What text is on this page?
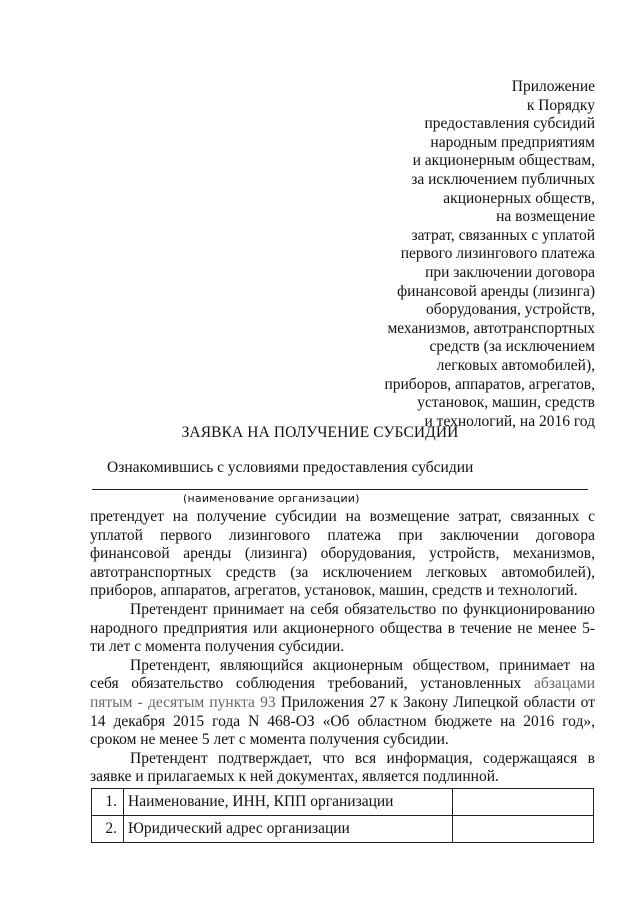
Приложение
к Порядку
предоставления субсидий
народным предприятиям
и акционерным обществам,
за исключением публичных
акционерных обществ,
на возмещение
затрат, связанных с уплатой
первого лизингового платежа
при заключении договора
финансовой аренды (лизинга)
оборудования, устройств,
механизмов, автотранспортных
средств (за исключением
легковых автомобилей),
приборов, аппаратов, агрегатов,
установок, машин, средств
и технологий, на 2016 год
ЗАЯВКА НА ПОЛУЧЕНИЕ СУБСИДИИ
Ознакомившись с условиями предоставления субсидии
(наименование организации)

претендует на получение субсидии на возмещение затрат, связанных с уплатой первого лизингового платежа при заключении договора финансовой аренды (лизинга) оборудования, устройств, механизмов, автотранспортных средств (за исключением легковых автомобилей), приборов, аппаратов, агрегатов, установок, машин, средств и технологий.

Претендент принимает на себя обязательство по функционированию народного предприятия или акционерного общества в течение не менее 5-ти лет с момента получения субсидии.

Претендент, являющийся акционерным обществом, принимает на себя обязательство соблюдения требований, установленных абзацами пятым - десятым пункта 93 Приложения 27 к Закону Липецкой области от 14 декабря 2015 года N 468-ОЗ «Об областном бюджете на 2016 год», сроком не менее 5 лет с момента получения субсидии.

Претендент подтверждает, что вся информация, содержащаяся в заявке и прилагаемых к ней документах, является подлинной.

1.	Наименование, ИНН, КПП организации	
2.	Юридический адрес организации	
